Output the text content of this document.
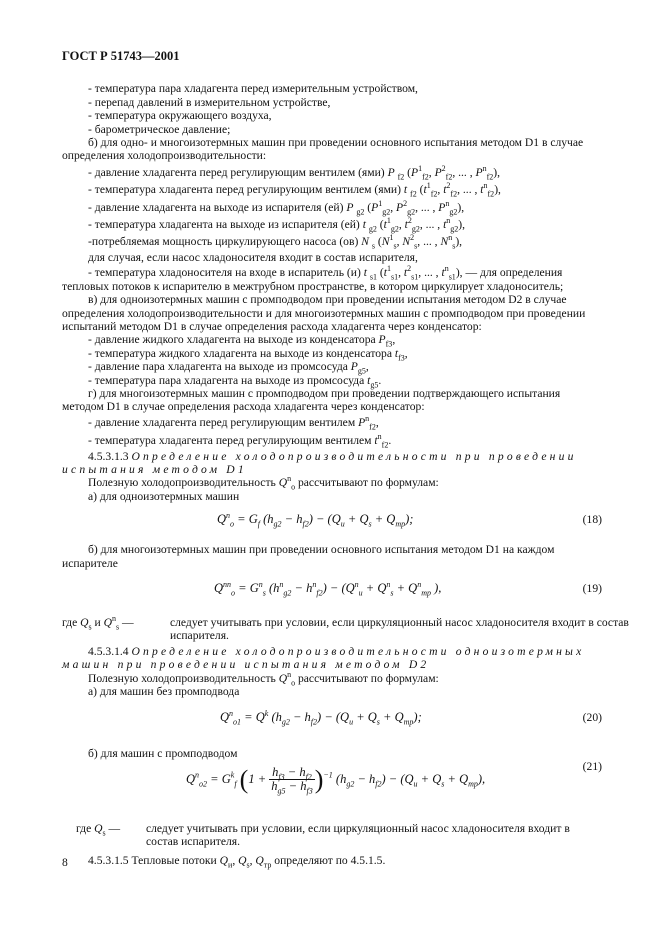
ГОСТ Р 51743—2001

- температура пара хладагента перед измерительным устройством,

- перепад давлений в измерительном устройстве,

- температура окружающего воздуха,

- барометрическое давление;

б) для одно- и многоизотермных машин при проведении основного испытания методом D1 в случае определения холодопроизводительности:

- давление хладагента перед регулирующим вентилем (ями) P $_{f2}$ ($P^1_{f2}$, $P^2_{f2}$, ... , $P^n_{f2}$),

- температура хладагента перед регулирующим вентилем (ями) t $_{f2}$ ($t^1_{f2}$, $t^2_{f2}$, ... , $t^n_{f2}$),

- давление хладагента на выходе из испарителя (ей) P $_{g2}$ ($P^1_{g2}$, $P^2_{g2}$, ... , $P^n_{g2}$),

- температура хладагента на выходе из испарителя (ей) t $_{g2}$ ($t^1_{g2}$, $t^2_{g2}$, ... , $t^n_{g2}$),

-потребляемая мощность циркулирующего насоса (ов) N $_s$ ($N^1_s$, $N^2_s$, ... , $N^n_s$),

для случая, если насос хладоносителя входит в состав испарителя,

- температура хладоносителя на входе в испаритель (и) t $_{s1}$ ($t^1_{s1}$, $t^2_{s1}$, ... , $t^n_{s1}$), — для определения тепловых потоков к испарителю в межтрубном пространстве, в котором циркулирует хладоноситель;

в) для одноизотермных машин с промподводом при проведении испытания методом D2 в случае определения холодопроизводительности и для многоизотермных машин с промподводом при проведении испытаний методом D1 в случае определения расхода хладагента через конденсатор:

- давление жидкого хладагента на выходе из конденсатора $P_{f3}$,

- температура жидкого хладагента на выходе из конденсатора $t_{f3}$,

- давление пара хладагента на выходе из промсосуда $P_{g5}$,

- температура пара хладагента на выходе из промсосуда $t_{g5}$.

г) для многоизотермных машин с промподводом при проведении подтверждающего испытания методом D1 в случае определения расхода хладагента через конденсатор:

- давление хладагента перед регулирующим вентилем $P^n_{f2}$,

- температура хладагента перед регулирующим вентилем $t^n_{f2}$.

4.5.3.1.3 Определение холодопроизводительности при проведении испытания методом D1

Полезную холодопроизводительность $Q^n_o$ рассчитывают по формулам:

а) для одноизотермных машин

$Q^n_o = G_f$ $(h_{g2} - h_{f2}) - (Q_и + Q_s + Q_{тр})$;	(18)

б) для многоизотермных машин при проведении основного испытания методом D1 на каждом испарителе

$Q^{nn}_o = G^n_s$ $(h^n_{g2} - h^n_{f2}) - (Q^n_и + Q^n_s + Q^n_{тр}$ ),	(19)
где $Q_s$ и $Q^n_s$ —	следует учитывать при условии, если циркуляционный насос хладоносителя входит в состав испарителя.

4.5.3.1.4 Определение холодопроизводительности одноизотермных машин при проведении испытания методом D2

Полезную холодопроизводительность $Q^n_o$ рассчитывают по формулам:

а) для машин без промподвода

$Q^n_{o1} = Q^k$ $(h_{g2} - h_{f2}) - (Q_и + Q_s + Q_{тр})$;	(20)

б) для машин с промподводом

$Q^n_{o2} = G^k_f$ $(1 + \frac{h_{f3} - h_{f2}}{h_{g5} - h_{f3}} )^{-1}$ $(h_{g2} - h_{f2}) - (Q_и + Q_s + Q_{тр})$,
(21)
где $Q_s$ — следует учитывать при условии, если циркуляционный насос хладоносителя входит в состав испарителя.

4.5.3.1.5 Тепловые потоки $Q_и$, $Q_s$, $Q_{тр}$ определяют по 4.5.1.5.

8
